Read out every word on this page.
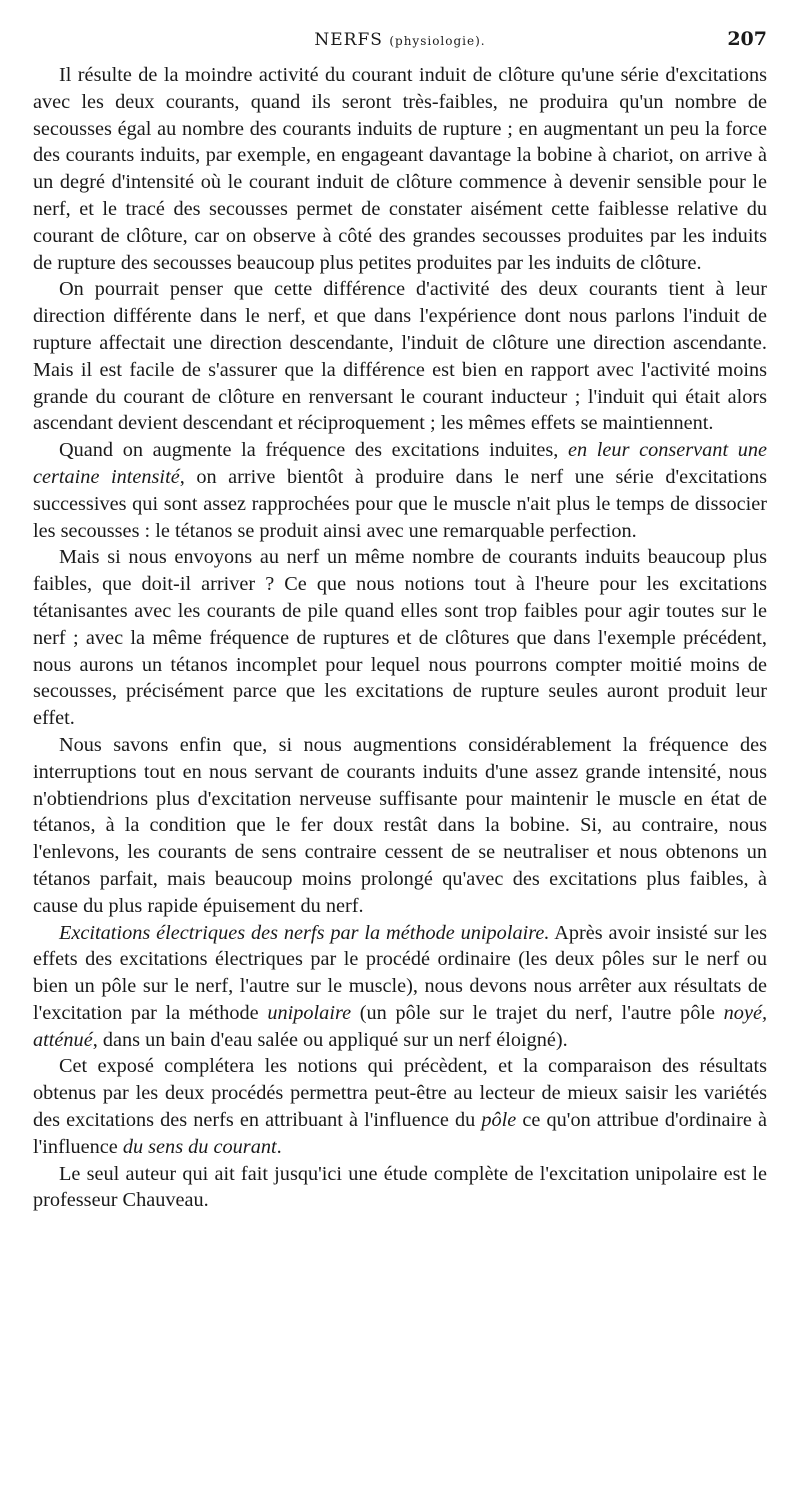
NERFS (physiologie).	207

Il résulte de la moindre activité du courant induit de clôture qu'une série d'excitations avec les deux courants, quand ils seront très-faibles, ne produira qu'un nombre de secousses égal au nombre des courants induits de rupture ; en augmentant un peu la force des courants induits, par exemple, en engageant davantage la bobine à chariot, on arrive à un degré d'intensité où le courant induit de clôture commence à devenir sensible pour le nerf, et le tracé des secousses permet de constater aisément cette faiblesse relative du courant de clôture, car on observe à côté des grandes secousses produites par les induits de rupture des secousses beaucoup plus petites produites par les induits de clôture.

On pourrait penser que cette différence d'activité des deux courants tient à leur direction différente dans le nerf, et que dans l'expérience dont nous parlons l'induit de rupture affectait une direction descendante, l'induit de clôture une direction ascendante. Mais il est facile de s'assurer que la différence est bien en rapport avec l'activité moins grande du courant de clôture en renversant le courant inducteur ; l'induit qui était alors ascendant devient descendant et réciproquement ; les mêmes effets se maintiennent.

Quand on augmente la fréquence des excitations induites, en leur conservant une certaine intensité, on arrive bientôt à produire dans le nerf une série d'excitations successives qui sont assez rapprochées pour que le muscle n'ait plus le temps de dissocier les secousses : le tétanos se produit ainsi avec une remarquable perfection.

Mais si nous envoyons au nerf un même nombre de courants induits beaucoup plus faibles, que doit-il arriver ? Ce que nous notions tout à l'heure pour les excitations tétanisantes avec les courants de pile quand elles sont trop faibles pour agir toutes sur le nerf ; avec la même fréquence de ruptures et de clôtures que dans l'exemple précédent, nous aurons un tétanos incomplet pour lequel nous pourrons compter moitié moins de secousses, précisément parce que les excitations de rupture seules auront produit leur effet.

Nous savons enfin que, si nous augmentions considérablement la fréquence des interruptions tout en nous servant de courants induits d'une assez grande intensité, nous n'obtiendrions plus d'excitation nerveuse suffisante pour maintenir le muscle en état de tétanos, à la condition que le fer doux restât dans la bobine. Si, au contraire, nous l'enlevons, les courants de sens contraire cessent de se neutraliser et nous obtenons un tétanos parfait, mais beaucoup moins prolongé qu'avec des excitations plus faibles, à cause du plus rapide épuisement du nerf.

Excitations électriques des nerfs par la méthode unipolaire. Après avoir insisté sur les effets des excitations électriques par le procédé ordinaire (les deux pôles sur le nerf ou bien un pôle sur le nerf, l'autre sur le muscle), nous devons nous arrêter aux résultats de l'excitation par la méthode unipolaire (un pôle sur le trajet du nerf, l'autre pôle noyé, atténué, dans un bain d'eau salée ou appliqué sur un nerf éloigné).

Cet exposé complétera les notions qui précèdent, et la comparaison des résultats obtenus par les deux procédés permettra peut-être au lecteur de mieux saisir les variétés des excitations des nerfs en attribuant à l'influence du pôle ce qu'on attribue d'ordinaire à l'influence du sens du courant.

Le seul auteur qui ait fait jusqu'ici une étude complète de l'excitation unipolaire est le professeur Chauveau.
